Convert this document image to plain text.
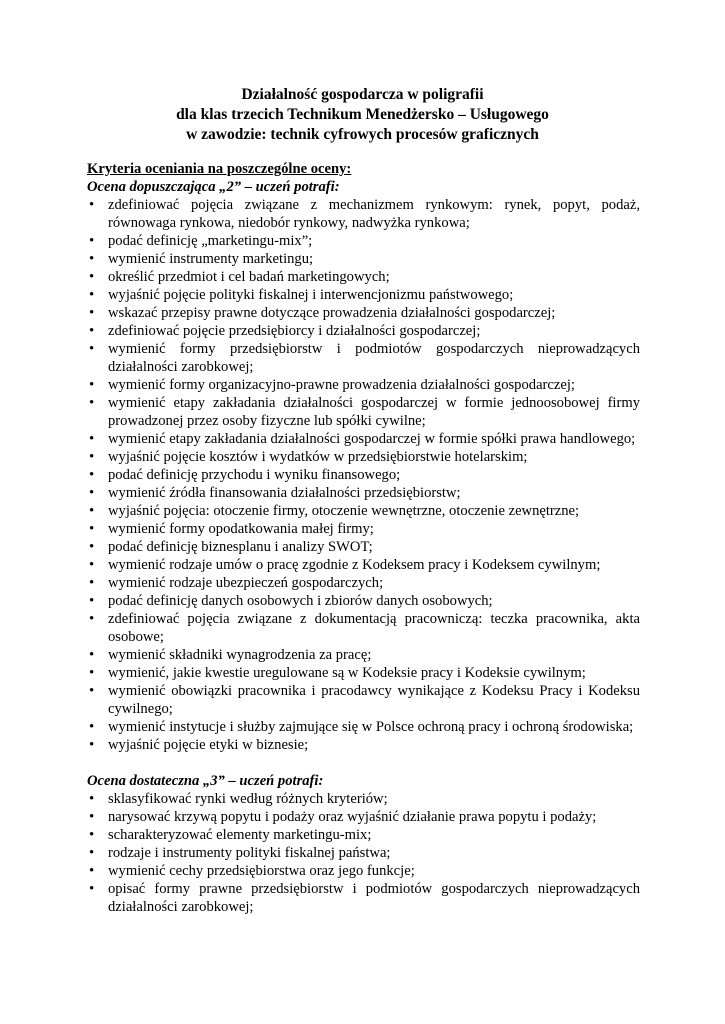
Działalność gospodarcza w poligrafii
dla klas trzecich Technikum Menedżersko – Usługowego
w zawodzie: technik cyfrowych procesów graficznych
Kryteria oceniania na poszczególne oceny:
Ocena dopuszczająca „2” – uczeń potrafi:
• zdefiniować pojęcia związane z mechanizmem rynkowym: rynek, popyt, podaż, równowaga rynkowa, niedobór rynkowy, nadwyżka rynkowa;
• podać definicję „marketingu-mix”;
• wymienić instrumenty marketingu;
• określić przedmiot i cel badań marketingowych;
• wyjaśnić pojęcie polityki fiskalnej i interwencjonizmu państwowego;
• wskazać przepisy prawne dotyczące prowadzenia działalności gospodarczej;
• zdefiniować pojęcie przedsiębiorcy i działalności gospodarczej;
• wymienić formy przedsiębiorstw i podmiotów gospodarczych nieprowadzących działalności zarobkowej;
• wymienić formy organizacyjno-prawne prowadzenia działalności gospodarczej;
• wymienić etapy zakładania działalności gospodarczej w formie jednoosobowej firmy prowadzonej przez osoby fizyczne lub spółki cywilne;
• wymienić etapy zakładania działalności gospodarczej w formie spółki prawa handlowego;
• wyjaśnić pojęcie kosztów i wydatków w przedsiębiorstwie hotelarskim;
• podać definicję przychodu i wyniku finansowego;
• wymienić źródła finansowania działalności przedsiębiorstw;
• wyjaśnić pojęcia: otoczenie firmy, otoczenie wewnętrzne, otoczenie zewnętrzne;
• wymienić formy opodatkowania małej firmy;
• podać definicję biznesplanu i analizy SWOT;
• wymienić rodzaje umów o pracę zgodnie z Kodeksem pracy i Kodeksem cywilnym;
• wymienić rodzaje ubezpieczeń gospodarczych;
• podać definicję danych osobowych i zbiorów danych osobowych;
• zdefiniować pojęcia związane z dokumentacją pracowniczą: teczka pracownika, akta osobowe;
• wymienić składniki wynagrodzenia za pracę;
• wymienić, jakie kwestie uregulowane są w Kodeksie pracy i Kodeksie cywilnym;
• wymienić obowiązki pracownika i pracodawcy wynikające z Kodeksu Pracy i Kodeksu cywilnego;
• wymienić instytucje i służby zajmujące się w Polsce ochroną pracy i ochroną środowiska;
• wyjaśnić pojęcie etyki w biznesie;
Ocena dostateczna „3” – uczeń potrafi:
• sklasyfikować rynki według różnych kryteriów;
• narysować krzywą popytu i podaży oraz wyjaśnić działanie prawa popytu i podaży;
• scharakteryzować elementy marketingu-mix;
• rodzaje i instrumenty polityki fiskalnej państwa;
• wymienić cechy przedsiębiorstwa oraz jego funkcje;
• opisać formy prawne przedsiębiorstw i podmiotów gospodarczych nieprowadzących działalności zarobkowej;
